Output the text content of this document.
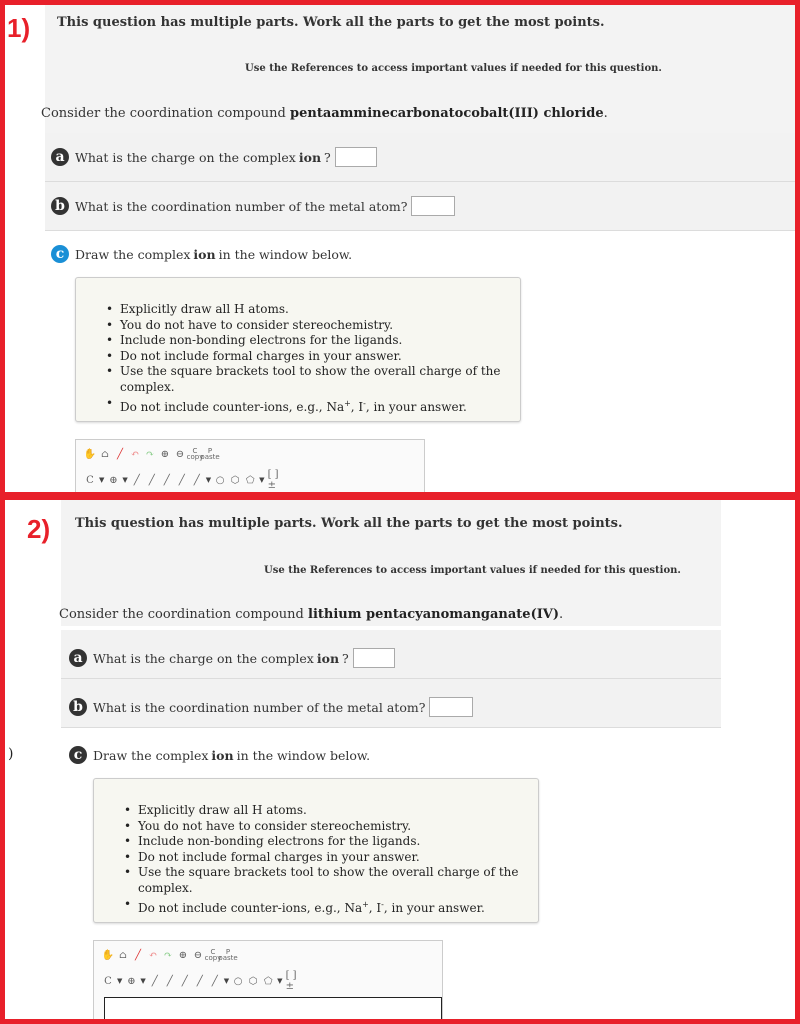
1) This question has multiple parts. Work all the parts to get the most points.
Use the References to access important values if needed for this question.
Consider the coordination compound pentaamminecarbonatocobalt(III) chloride.
a What is the charge on the complex ion ?
b What is the coordination number of the metal atom?
c Draw the complex ion in the window below.
• Explicitly draw all H atoms.
• You do not have to consider stereochemistry.
• Include non-bonding electrons for the ligands.
• Do not include formal charges in your answer.
• Use the square brackets tool to show the overall charge of the complex.
• Do not include counter-ions, e.g., Na+, I-, in your answer.
✋ ⌂ ╱ ↶ ↷ ⊕ ⊖ C
copy
P
paste
C ▼ ⊕ ▼ ╱ ╱ ╱ ╱ ╱ ▼ ○ ⬡ ⬠ ▼ [ ]±
2) This question has multiple parts. Work all the parts to get the most points.
Use the References to access important values if needed for this question.
Consider the coordination compound lithium pentacyanomanganate(IV).
a What is the charge on the complex ion ?
b What is the coordination number of the metal atom?
c Draw the complex ion in the window below.
• Explicitly draw all H atoms.
• You do not have to consider stereochemistry.
• Include non-bonding electrons for the ligands.
• Do not include formal charges in your answer.
• Use the square brackets tool to show the overall charge of the complex.
• Do not include counter-ions, e.g., Na+, I-, in your answer.
✋ ⌂ ╱ ↶ ↷ ⊕ ⊖ C
copy
P
paste
C ▼ ⊕ ▼ ╱ ╱ ╱ ╱ ╱ ▼ ○ ⬡ ⬠ ▼ [ ]±
)
